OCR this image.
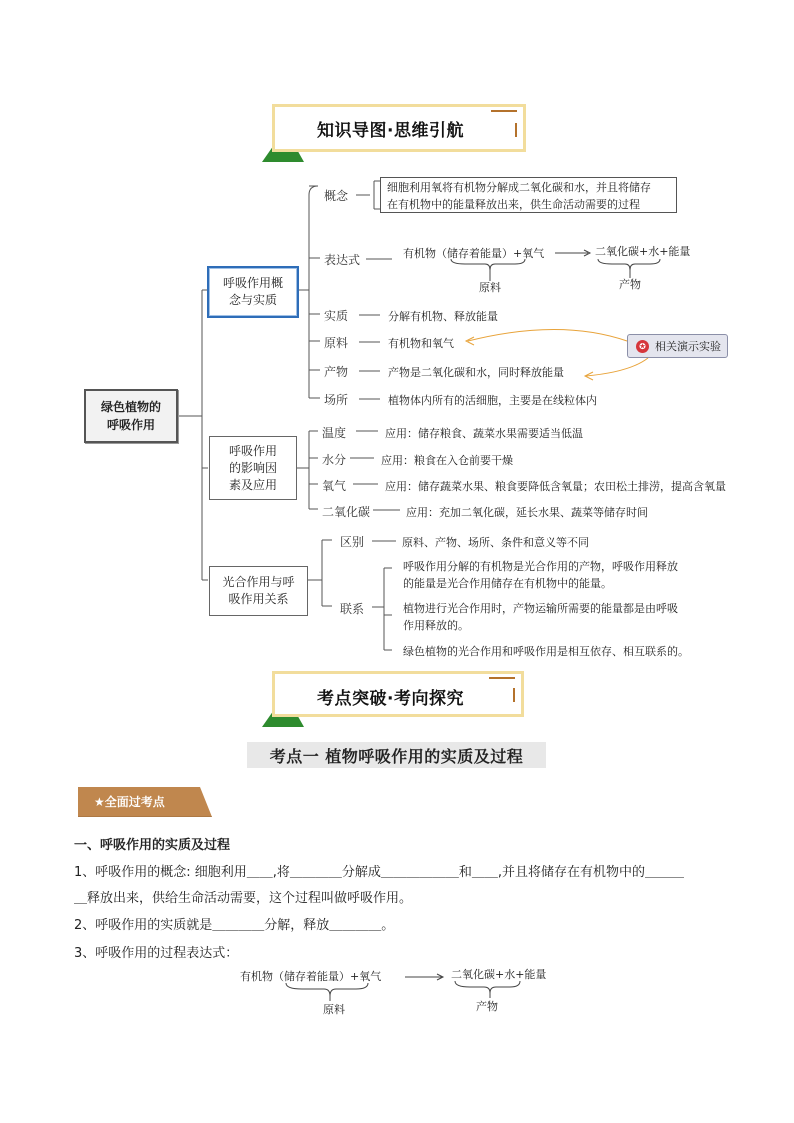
知识导图·思维引航
绿色植物的
呼吸作用
呼吸作用概
念与实质
呼吸作用
的影响因
素及应用
光合作用与呼
吸作用关系
概念
细胞利用氧将有机物分解成二氧化碳和水，并且将储存
在有机物中的能量释放出来，供生命活动需要的过程
表达式	有机物（储存着能量）+氧气	二氧化碳+水+能量
原料	产物
实质	分解有机物、释放能量
原料	有机物和氧气
产物	产物是二氧化碳和水，同时释放能量
场所	植物体内所有的活细胞，主要是在线粒体内
✪ 相关演示实验
温度	应用：储存粮食、蔬菜水果需要适当低温
水分	应用：粮食在入仓前要干燥
氧气	应用：储存蔬菜水果、粮食要降低含氧量；农田松土排涝，提高含氧量
二氧化碳	应用：充加二氧化碳，延长水果、蔬菜等储存时间
区别	原料、产物、场所、条件和意义等不同
联系
呼吸作用分解的有机物是光合作用的产物，呼吸作用释放
的能量是光合作用储存在有机物中的能量。
植物进行光合作用时，产物运输所需要的能量都是由呼吸
作用释放的。
绿色植物的光合作用和呼吸作用是相互依存、相互联系的。
考点突破·考向探究
考点一 植物呼吸作用的实质及过程
★全面过考点
一、呼吸作用的实质及过程
1、呼吸作用的概念: 细胞利用＿＿,将＿＿＿＿分解成＿＿＿＿＿＿和＿＿,并且将储存在有机物中的＿＿＿
＿释放出来，供给生命活动需要，这个过程叫做呼吸作用。
2、呼吸作用的实质就是＿＿＿＿分解，释放＿＿＿＿。
3、呼吸作用的过程表达式：
有机物（储存着能量）+氧气	二氧化碳+水+能量
原料	产物
